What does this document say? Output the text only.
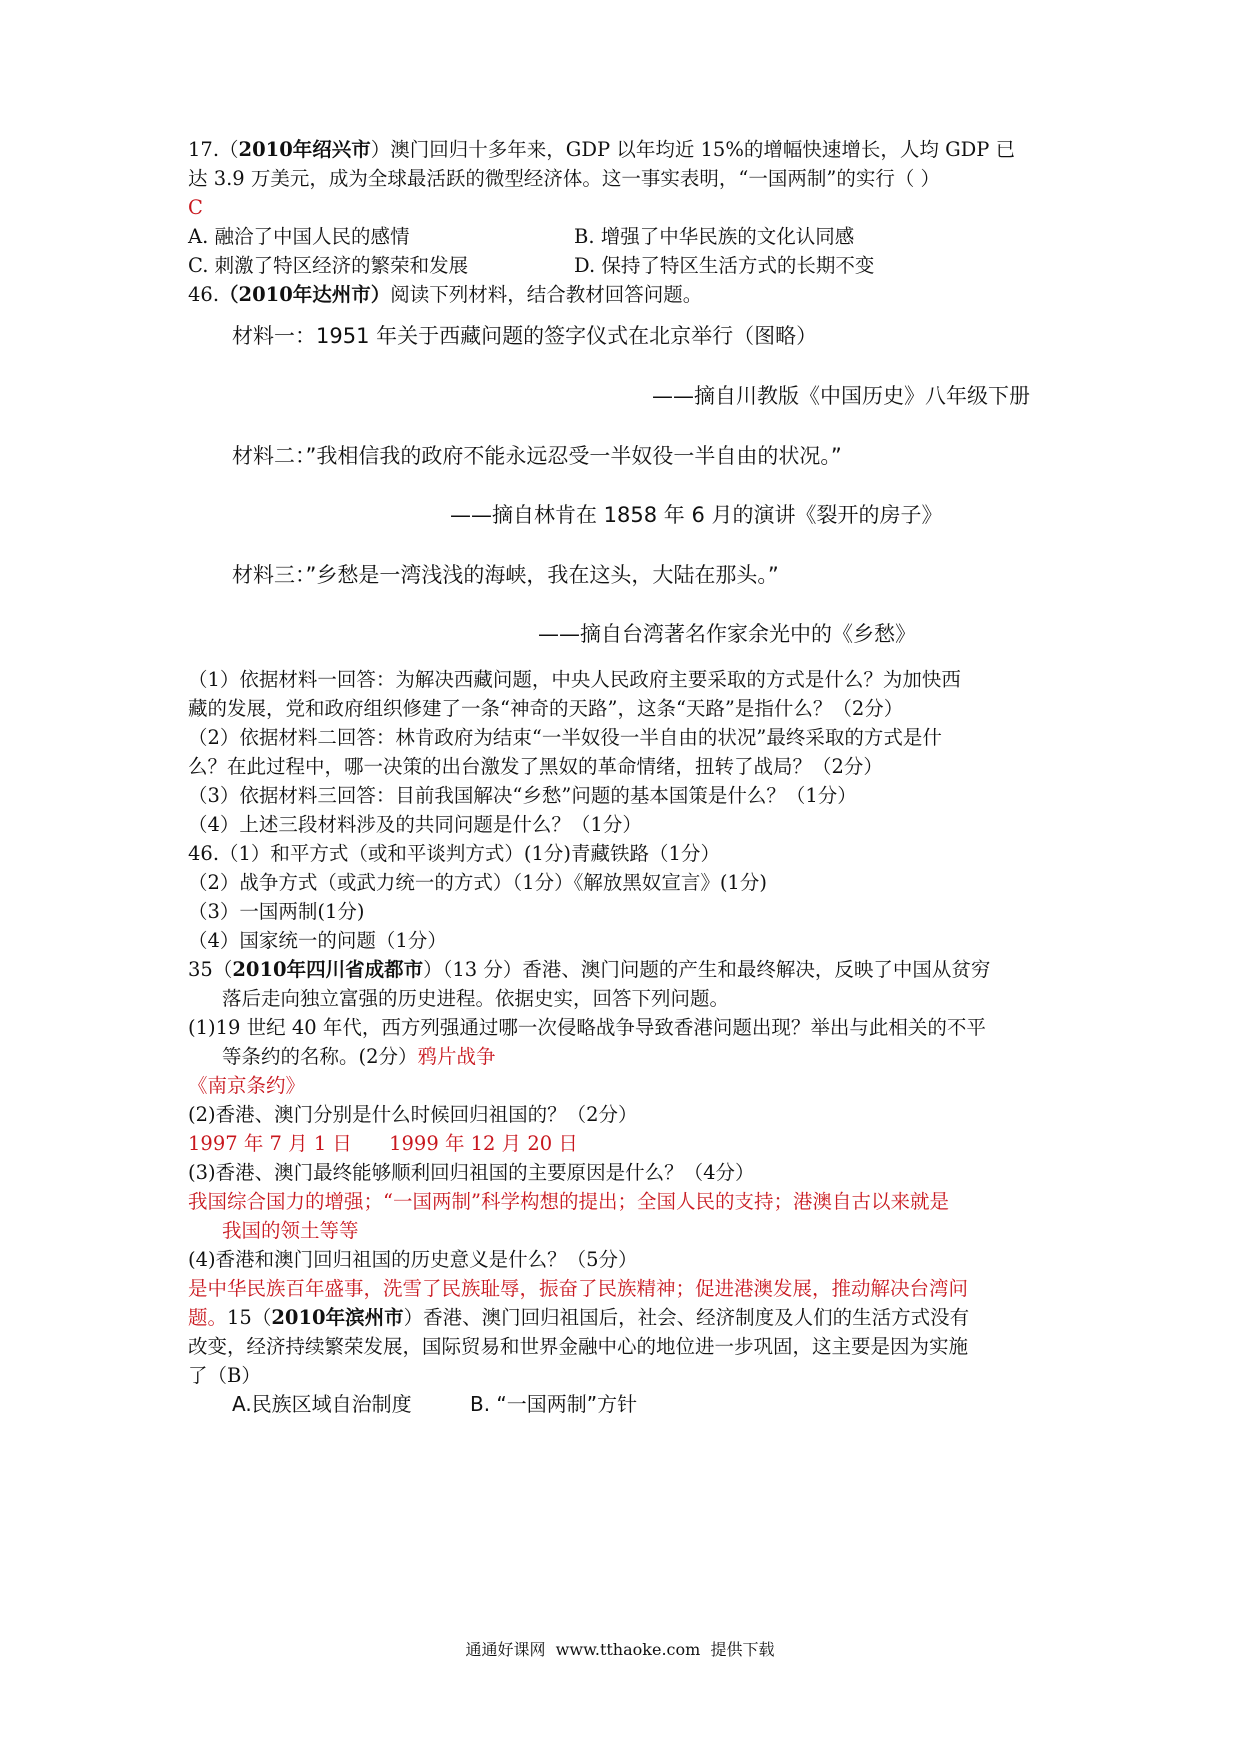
17.（2010年绍兴市）澳门回归十多年来，GDP 以年均近 15%的增幅快速增长，人均 GDP 已
达 3.9 万美元，成为全球最活跃的微型经济体。这一事实表明，“一国两制”的实行（ ）
C
A. 融洽了中国人民的感情	B. 增强了中华民族的文化认同感
C. 刺激了特区经济的繁荣和发展	D. 保持了特区生活方式的长期不变
46.（2010年达州市）阅读下列材料，结合教材回答问题。
材料一：1951 年关于西藏问题的签字仪式在北京举行（图略）
——摘自川教版《中国历史》八年级下册
材料二：”我相信我的政府不能永远忍受一半奴役一半自由的状况。”
——摘自林肯在 1858 年 6 月的演讲《裂开的房子》
材料三：”乡愁是一湾浅浅的海峡，我在这头，大陆在那头。”
——摘自台湾著名作家余光中的《乡愁》
（1）依据材料一回答：为解决西藏问题，中央人民政府主要采取的方式是什么？为加快西
藏的发展，党和政府组织修建了一条“神奇的天路”，这条“天路”是指什么？（2分）
（2）依据材料二回答：林肯政府为结束“一半奴役一半自由的状况”最终采取的方式是什
么？在此过程中，哪一决策的出台激发了黑奴的革命情绪，扭转了战局？（2分）
（3）依据材料三回答：目前我国解决“乡愁”问题的基本国策是什么？（1分）
（4）上述三段材料涉及的共同问题是什么？（1分）
46.（1）和平方式（或和平谈判方式）(1分)青藏铁路（1分）
（2）战争方式（或武力统一的方式）（1分）《解放黑奴宣言》(1分)
（3）一国两制(1分)
（4）国家统一的问题（1分）
35（2010年四川省成都市）（13 分）香港、澳门问题的产生和最终解决，反映了中国从贫穷
落后走向独立富强的历史进程。依据史实，回答下列问题。
(1)19 世纪 40 年代，西方列强通过哪一次侵略战争导致香港问题出现？举出与此相关的不平
等条约的名称。(2分）鸦片战争
《南京条约》
(2)香港、澳门分别是什么时候回归祖国的？（2分）
1997 年 7 月 1 日      1999 年 12 月 20 日
(3)香港、澳门最终能够顺利回归祖国的主要原因是什么？（4分）
我国综合国力的增强；“一国两制”科学构想的提出；全国人民的支持；港澳自古以来就是
我国的领土等等
(4)香港和澳门回归祖国的历史意义是什么？（5分）
是中华民族百年盛事，洗雪了民族耻辱，振奋了民族精神；促进港澳发展，推动解决台湾问
题。15（2010年滨州市）香港、澳门回归祖国后，社会、经济制度及人们的生活方式没有
改变，经济持续繁荣发展，国际贸易和世界金融中心的地位进一步巩固，这主要是因为实施
了（B）
A.民族区域自治制度	B. “一国两制”方针
通通好课网  www.tthaoke.com  提供下载
